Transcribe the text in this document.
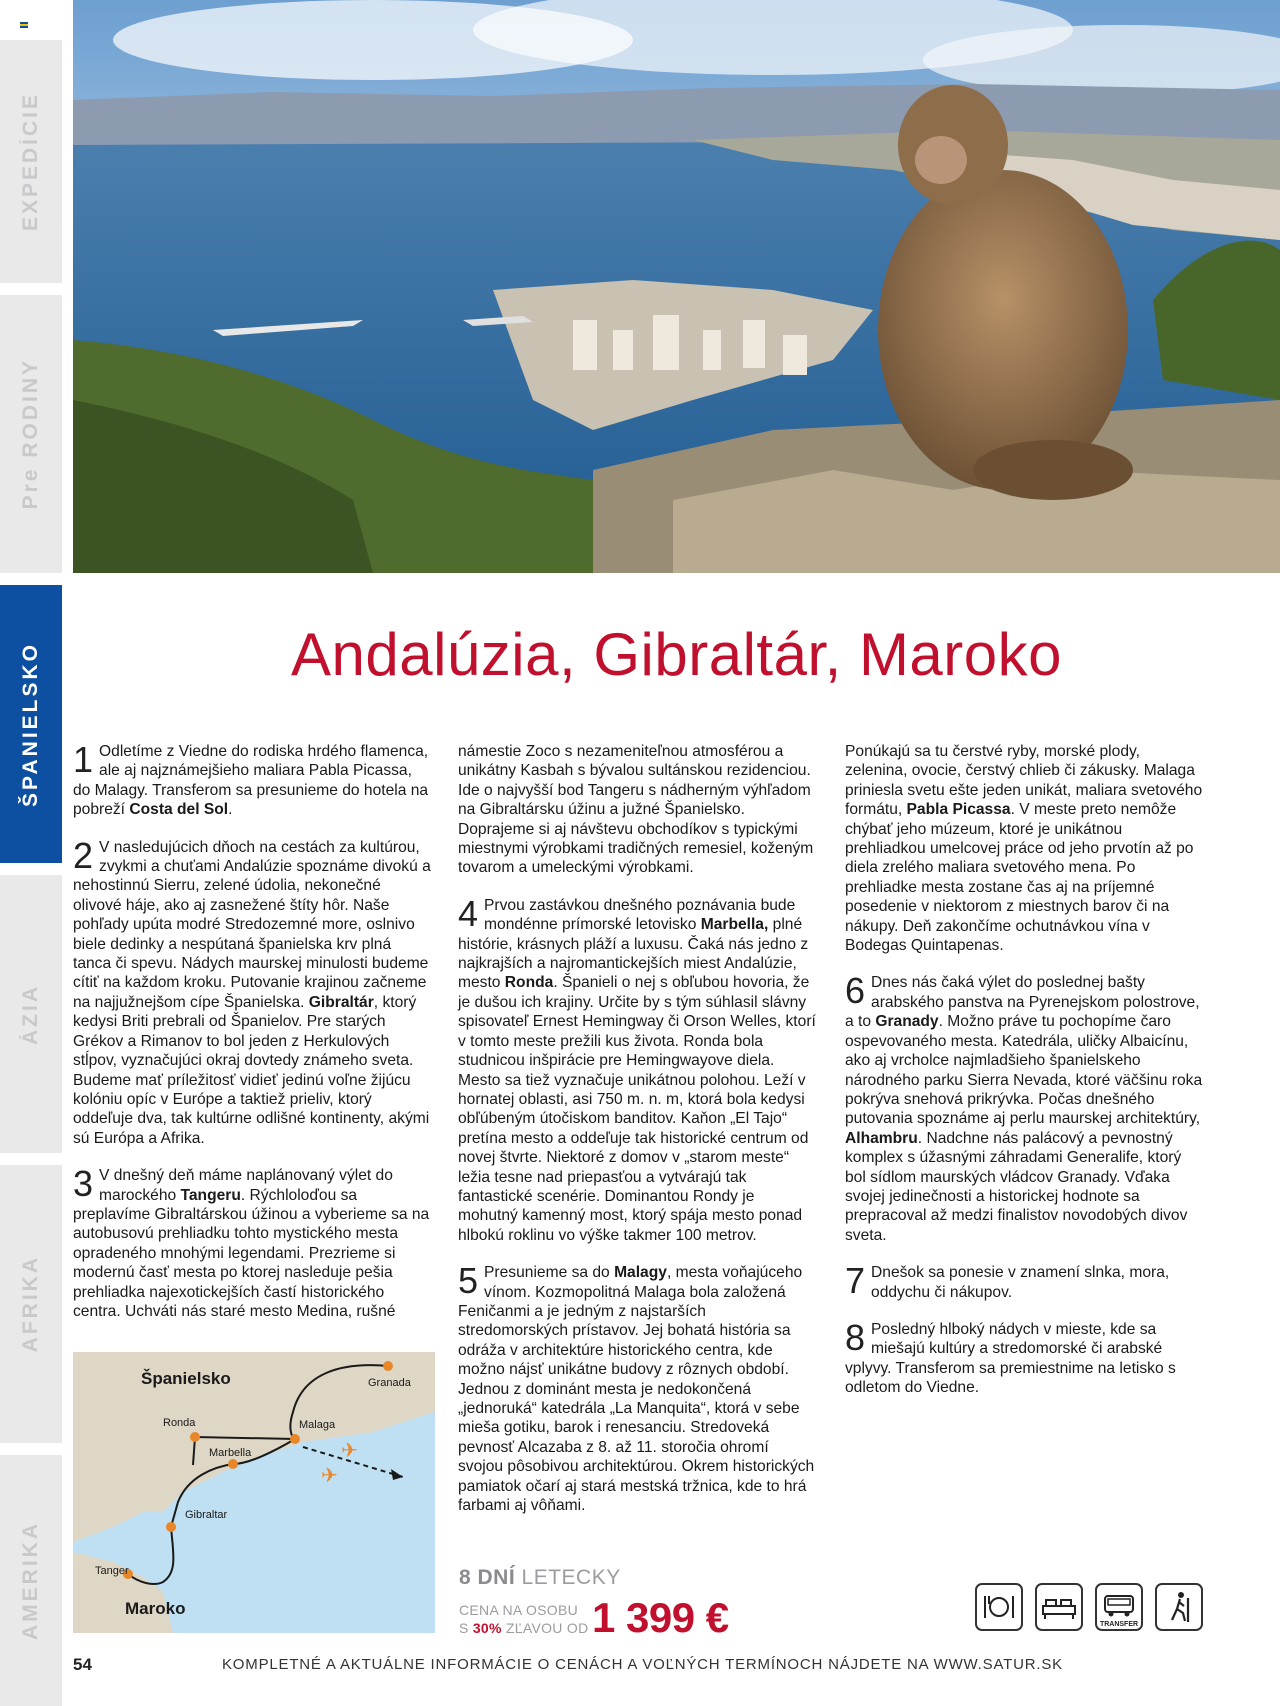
EXPEDÍCIE
Pre RODINY
ŠPANIELSKO
ÁZIA
AFRIKA
AMERIKA
Andalúzia, Gibraltár, Maroko

1 Odletíme z Viedne do rodiska hrdého flamenca, ale aj najznámejšieho maliara Pabla Picassa, do Malagy. Transferom sa presunieme do hotela na pobreží Costa del Sol.

2 V nasledujúcich dňoch na cestách za kultúrou, zvykmi a chuťami Andalúzie spoznáme divokú a nehostinnú Sierru, zelené údolia, nekonečné olivové háje, ako aj zasnežené štíty hôr. Naše pohľady upúta modré Stredozemné more, oslnivo biele dedinky a nespútaná španielska krv plná tanca či spevu. Nádych maurskej minulosti budeme cítiť na každom kroku. Putovanie krajinou začneme na najjužnejšom cípe Španielska. Gibraltár, ktorý kedysi Briti prebrali od Španielov. Pre starých Grékov a Rimanov to bol jeden z Herkulových stĺpov, vyznačujúci okraj dovtedy známeho sveta. Budeme mať príležitosť vidieť jedinú voľne žijúcu kolóniu opíc v Európe a taktiež prieliv, ktorý oddeľuje dva, tak kultúrne odlišné kontinenty, akými sú Európa a Afrika.

3 V dnešný deň máme naplánovaný výlet do marockého Tangeru. Rýchloloďou sa preplavíme Gibraltárskou úžinou a vyberieme sa na autobusovú prehliadku tohto mystického mesta opradeného mnohými legendami. Prezrieme si modernú časť mesta po ktorej nasleduje pešia prehliadka najexotickejších častí historického centra. Uchváti nás staré mesto Medina, rušné

✈
✈
Španielsko
Maroko
Granada
Ronda	Malaga
Marbella
Gibraltar
Tanger

námestie Zoco s nezameniteľnou atmosférou a unikátny Kasbah s bývalou sultánskou rezidenciou. Ide o najvyšší bod Tangeru s nádherným výhľadom na Gibraltársku úžinu a južné Španielsko. Doprajeme si aj návštevu obchodíkov s typickými miestnymi výrobkami tradičných remesiel, koženým tovarom a umeleckými výrobkami.

4 Prvou zastávkou dnešného poznávania bude mondénne prímorské letovisko Marbella, plné histórie, krásnych pláží a luxusu. Čaká nás jedno z najkrajších a najromantickejších miest Andalúzie, mesto Ronda. Španieli o nej s obľubou hovoria, že je dušou ich krajiny. Určite by s tým súhlasil slávny spisovateľ Ernest Hemingway či Orson Welles, ktorí v tomto meste prežili kus života. Ronda bola studnicou inšpirácie pre Hemingwayove diela. Mesto sa tiež vyznačuje unikátnou polohou. Leží v hornatej oblasti, asi 750 m. n. m, ktorá bola kedysi obľúbeným útočiskom banditov. Kaňon „El Tajo“ pretína mesto a oddeľuje tak historické centrum od novej štvrte. Niektoré z domov v „starom meste“ ležia tesne nad priepasťou a vytvárajú tak fantastické scenérie. Dominantou Rondy je mohutný kamenný most, ktorý spája mesto ponad hlbokú roklinu vo výške takmer 100 metrov.

5 Presunieme sa do Malagy, mesta voňajúceho vínom. Kozmopolitná Malaga bola založená Feničanmi a je jedným z najstarších stredomorských prístavov. Jej bohatá história sa odráža v architektúre historického centra, kde možno nájsť unikátne budovy z rôznych období. Jednou z dominánt mesta je nedokončená „jednoruká“ katedrála „La Manquita“, ktorá v sebe mieša gotiku, barok i renesanciu. Stredoveká pevnosť Alcazaba z 8. až 11. storočia ohromí svojou pôsobivou architektúrou. Okrem historických pamiatok očarí aj stará mestská tržnica, kde to hrá farbami aj vôňami.

Ponúkajú sa tu čerstvé ryby, morské plody, zelenina, ovocie, čerstvý chlieb či zákusky. Malaga priniesla svetu ešte jeden unikát, maliara svetového formátu, Pabla Picassa. V meste preto nemôže chýbať jeho múzeum, ktoré je unikátnou prehliadkou umelcovej práce od jeho prvotín až po diela zrelého maliara svetového mena. Po prehliadke mesta zostane čas aj na príjemné posedenie v niektorom z miestnych barov či na nákupy. Deň zakončíme ochutnávkou vína v Bodegas Quintapenas.

6 Dnes nás čaká výlet do poslednej bašty arabského panstva na Pyrenejskom polostrove, a to Granady. Možno práve tu pochopíme čaro ospevovaného mesta. Katedrála, uličky Albaicínu, ako aj vrcholce najmladšieho španielskeho národného parku Sierra Nevada, ktoré väčšinu roka pokrýva snehová prikrývka. Počas dnešného putovania spoznáme aj perlu maurskej architektúry, Alhambru. Nadchne nás palácový a pevnostný komplex s úžasnými záhradami Generalife, ktorý bol sídlom maurských vládcov Granady. Vďaka svojej jedinečnosti a historickej hodnote sa prepracoval až medzi finalistov novodobých divov sveta.

7 Dnešok sa ponesie v znamení slnka, mora, oddychu či nákupov.

8 Posledný hlboký nádych v mieste, kde sa miešajú kultúry a stredomorské či arabské vplyvy. Transferom sa premiestnime na letisko s odletom do Viedne.

8 DNÍ LETECKY
CENA NA OSOBU
S 30% ZĽAVOU OD 1 399 €	TRANSFER
54	KOMPLETNÉ A AKTUÁLNE INFORMÁCIE O CENÁCH A VOĽNÝCH TERMÍNOCH NÁJDETE NA WWW.SATUR.SK
